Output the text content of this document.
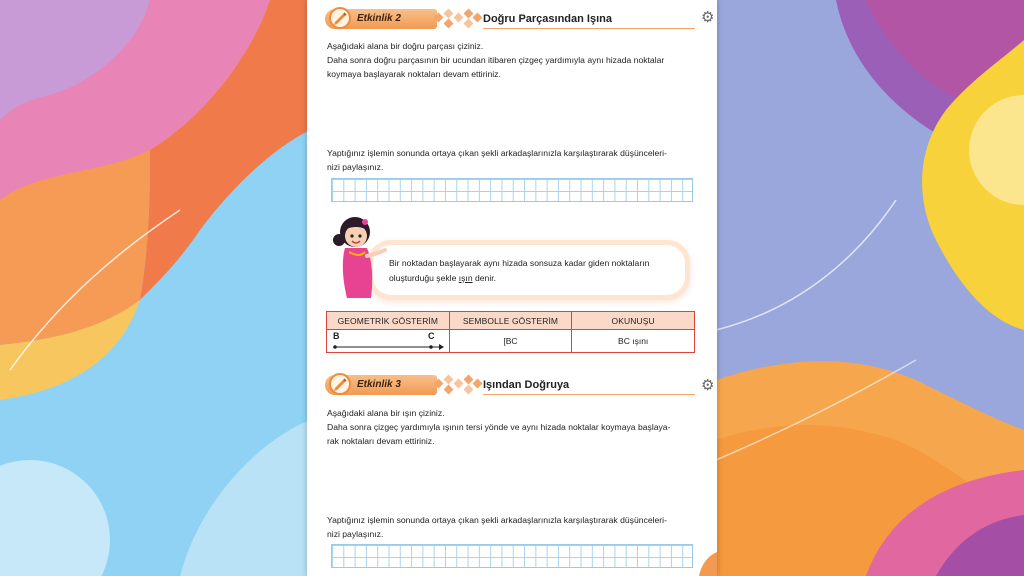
Etkinlik 2	Doğru Parçasından Işına	⚙
Aşağıdaki alana bir doğru parçası çiziniz.
Daha sonra doğru parçasının bir ucundan itibaren çizgeç yardımıyla aynı hizada noktalar
koymaya başlayarak noktaları devam ettiriniz.
Yaptığınız işlemin sonunda ortaya çıkan şekli arkadaşlarınızla karşılaştırarak düşünceleri-
nizi paylaşınız.
Bir noktadan başlayarak aynı hizada sonsuza kadar giden noktaların
oluşturduğu şekle ışın denir.
GEOMETRİK GÖSTERİM	SEMBOLLE GÖSTERİM	OKUNUŞU

B C	[BC	BC ışını
Etkinlik 3	Işından Doğruya	⚙
Aşağıdaki alana bir ışın çiziniz.
Daha sonra çizgeç yardımıyla ışının tersi yönde ve aynı hizada noktalar koymaya başlaya-
rak noktaları devam ettiriniz.
Yaptığınız işlemin sonunda ortaya çıkan şekli arkadaşlarınızla karşılaştırarak düşünceleri-
nizi paylaşınız.
